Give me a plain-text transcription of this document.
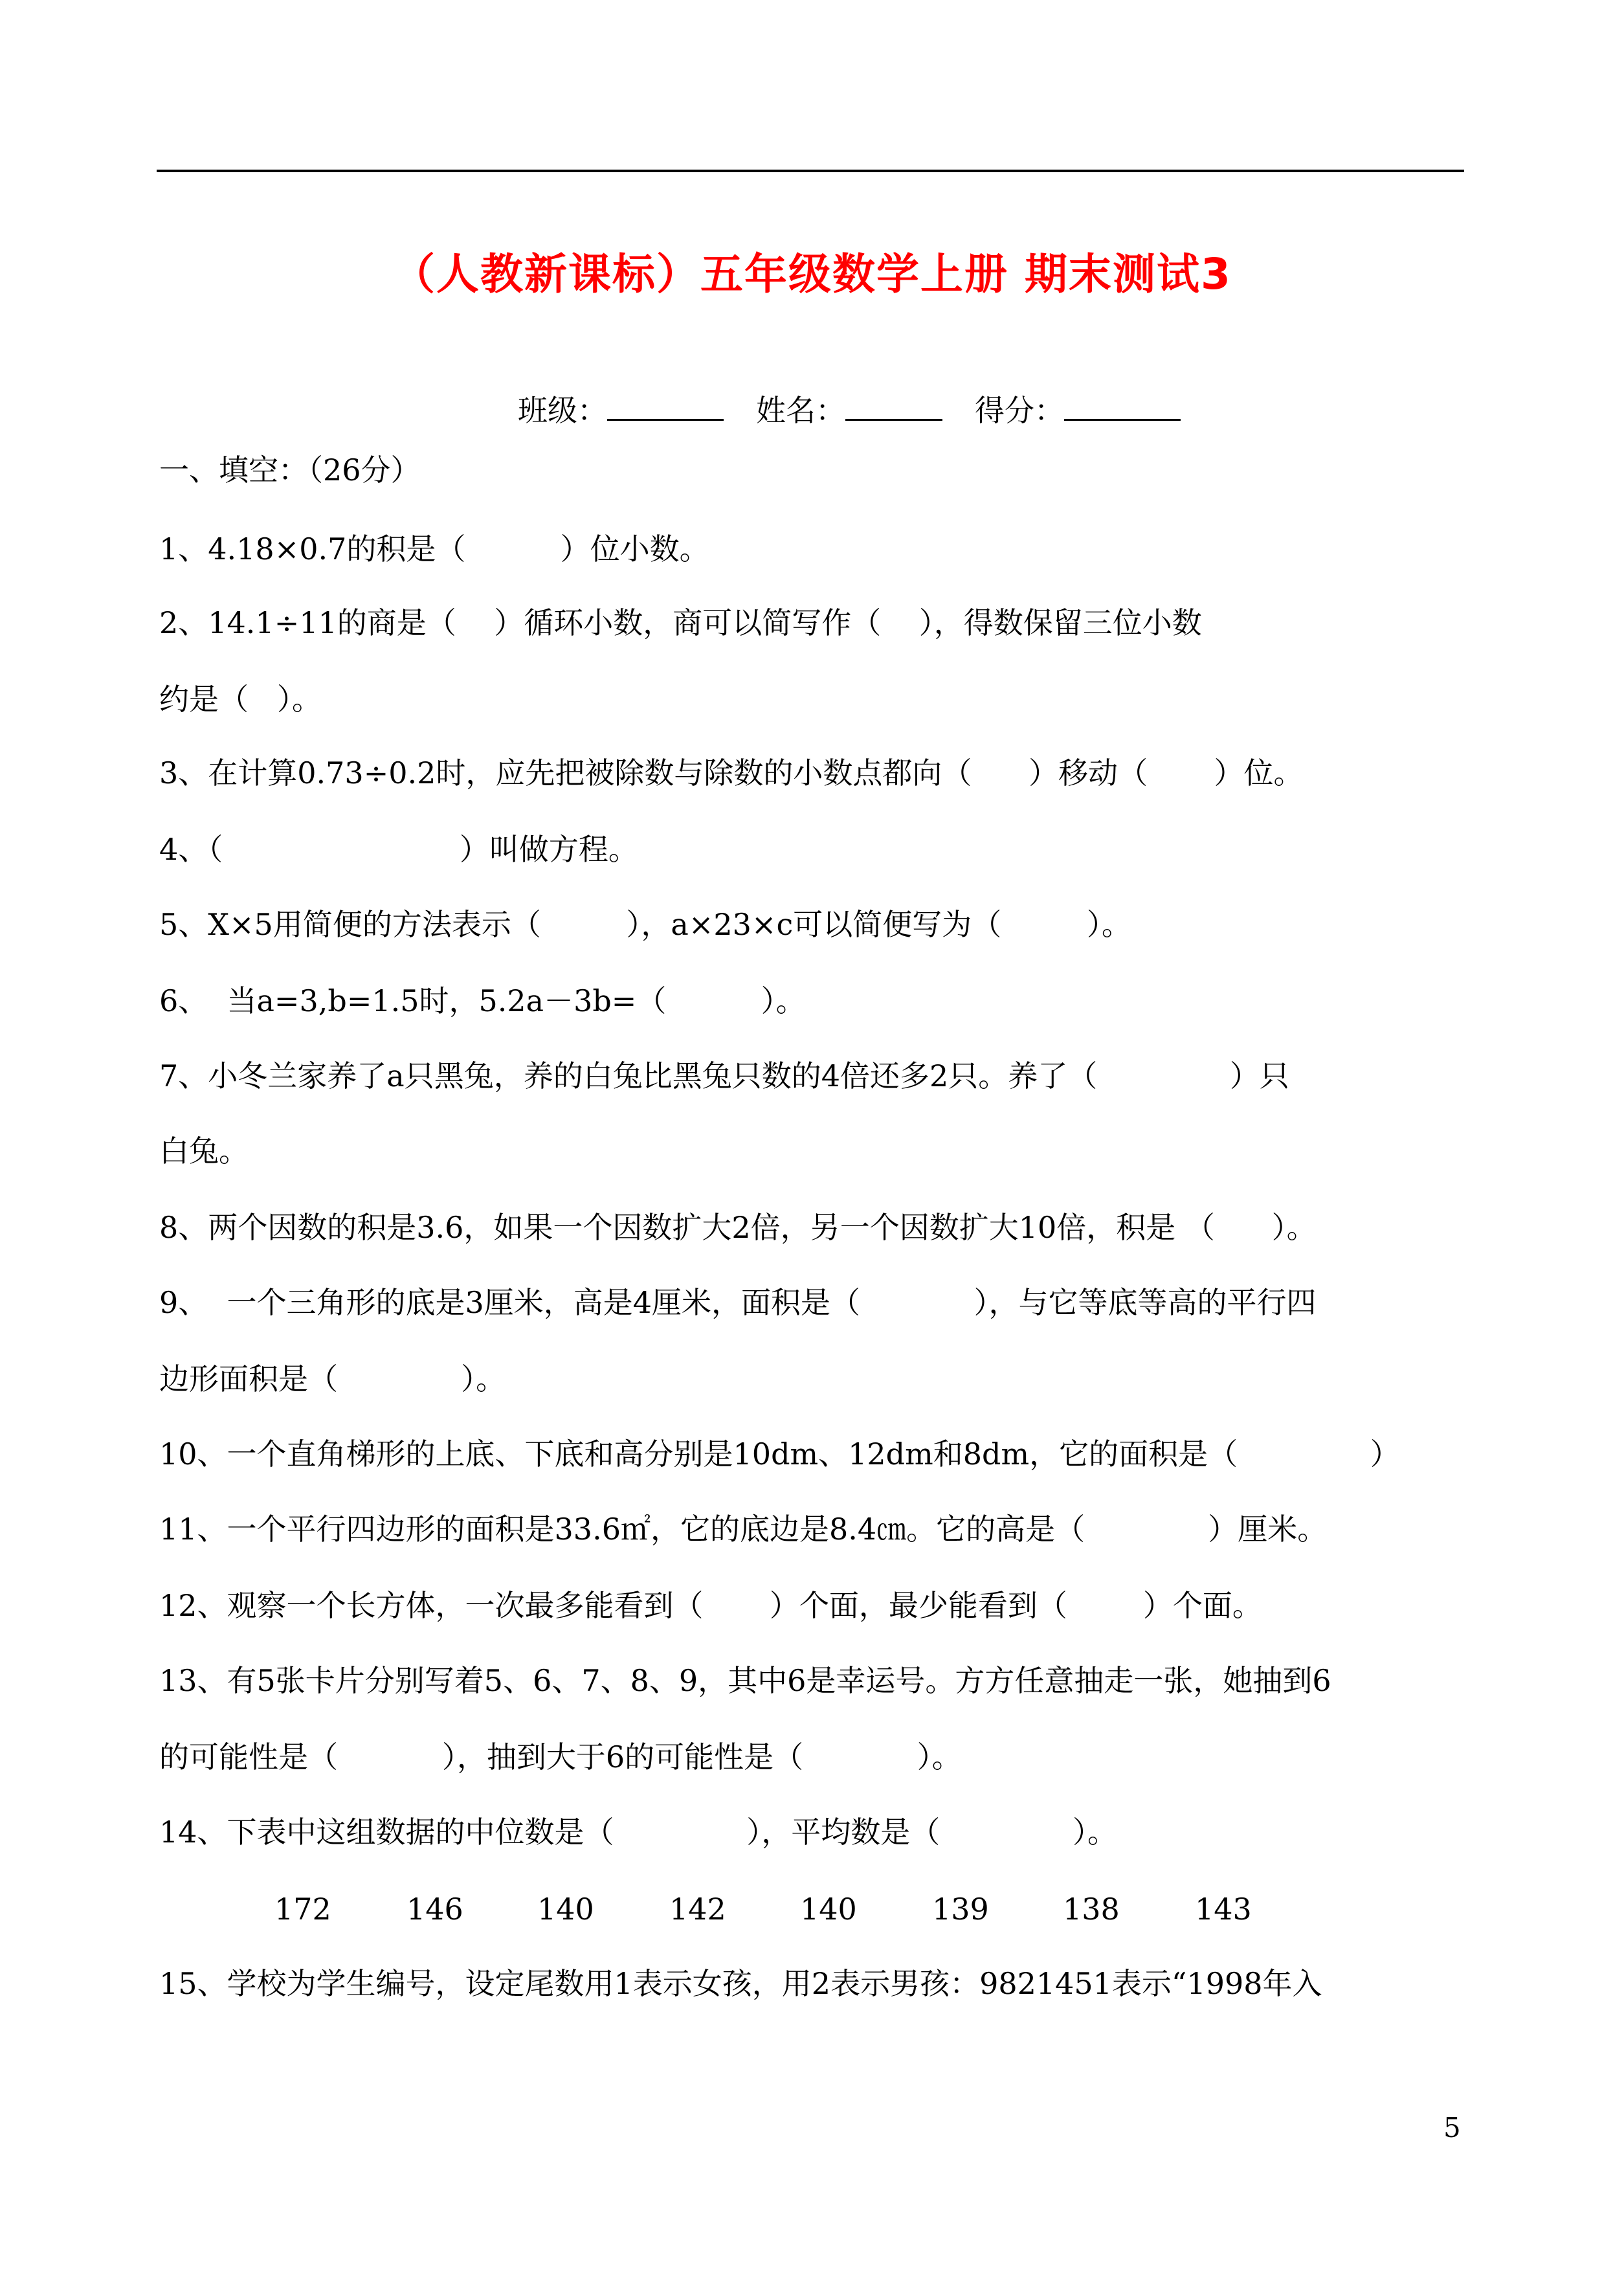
（人教新课标）五年级数学上册 期末测试3
班级：	姓名：	得分：
一、填空：（26分）
1、4.18×0.7的积是（          ）位小数。
2、14.1÷11的商是（    ）循环小数，商可以简写作（    ），得数保留三位小数
约是（   ）。
3、在计算0.73÷0.2时，应先把被除数与除数的小数点都向（      ）移动（       ）位。
4、（                         ）叫做方程。
5、X×5用简便的方法表示（         ），a×23×c可以简便写为（         ）。
6、  当a=3,b=1.5时，5.2a－3b=（          ）。
7、小冬兰家养了a只黑兔，养的白兔比黑兔只数的4倍还多2只。养了（              ）只
白兔。
8、两个因数的积是3.6，如果一个因数扩大2倍，另一个因数扩大10倍，积是 （      ）。
9、  一个三角形的底是3厘米，高是4厘米，面积是（            ），与它等底等高的平行四
边形面积是（             ）。
10、一个直角梯形的上底、下底和高分别是10dm、12dm和8dm，它的面积是（              ）
11、一个平行四边形的面积是33.6㎡，它的底边是8.4㎝。它的高是（             ）厘米。
12、观察一个长方体，一次最多能看到（       ）个面，最少能看到（        ）个面。
13、有5张卡片分别写着5、6、7、8、9，其中6是幸运号。方方任意抽走一张，她抽到6
的可能性是（           ），抽到大于6的可能性是（            ）。
14、下表中这组数据的中位数是（              ），平均数是（              ）。
172	146 140	142 140	139 138	143
15、学校为学生编号，设定尾数用1表示女孩，用2表示男孩：9821451表示“1998年入
5
